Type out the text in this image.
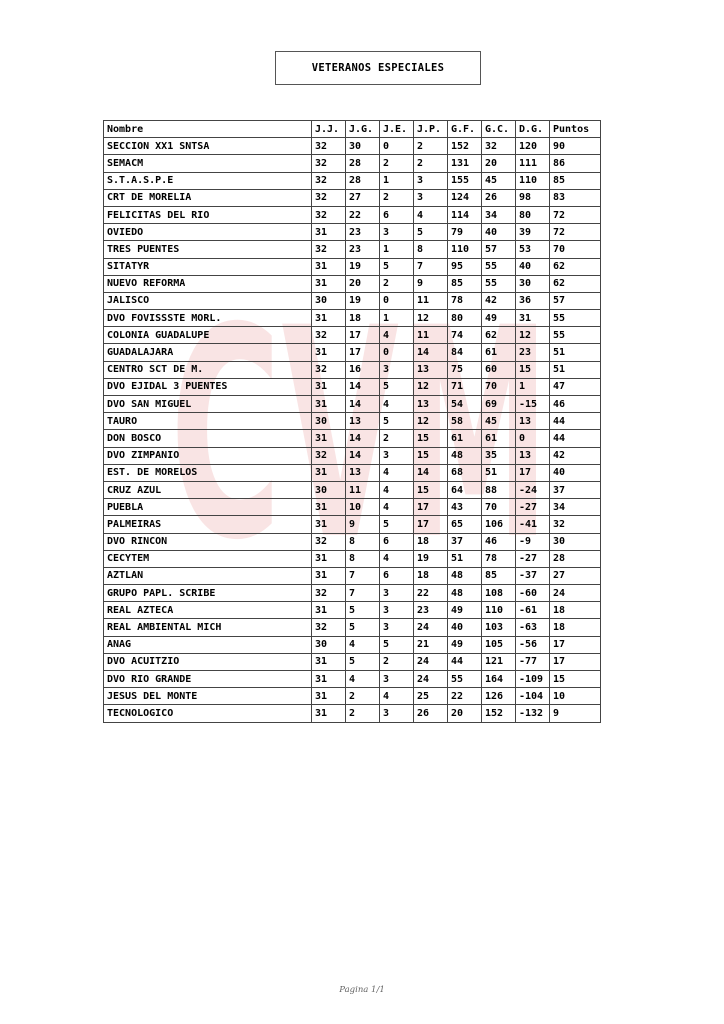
VETERANOS ESPECIALES
CVM
Nombre	J.J.	J.G.	J.E.	J.P.	G.F.	G.C.	D.G.	Puntos
SECCION XX1 SNTSA	32	30	0	2	152	32	120	90
SEMACM	32	28	2	2	131	20	111	86
S.T.A.S.P.E	32	28	1	3	155	45	110	85
CRT DE MORELIA	32	27	2	3	124	26	98	83
FELICITAS DEL RIO	32	22	6	4	114	34	80	72
OVIEDO	31	23	3	5	79	40	39	72
TRES PUENTES	32	23	1	8	110	57	53	70
SITATYR	31	19	5	7	95	55	40	62
NUEVO REFORMA	31	20	2	9	85	55	30	62
JALISCO	30	19	0	11	78	42	36	57
DVO FOVISSSTE MORL.	31	18	1	12	80	49	31	55
COLONIA GUADALUPE	32	17	4	11	74	62	12	55
GUADALAJARA	31	17	0	14	84	61	23	51
CENTRO SCT DE M.	32	16	3	13	75	60	15	51
DVO EJIDAL 3 PUENTES	31	14	5	12	71	70	1	47
DVO SAN MIGUEL	31	14	4	13	54	69	-15	46
TAURO	30	13	5	12	58	45	13	44
DON BOSCO	31	14	2	15	61	61	0	44
DVO ZIMPANIO	32	14	3	15	48	35	13	42
EST. DE MORELOS	31	13	4	14	68	51	17	40
CRUZ AZUL	30	11	4	15	64	88	-24	37
PUEBLA	31	10	4	17	43	70	-27	34
PALMEIRAS	31	9	5	17	65	106	-41	32
DVO RINCON	32	8	6	18	37	46	-9	30
CECYTEM	31	8	4	19	51	78	-27	28
AZTLAN	31	7	6	18	48	85	-37	27
GRUPO PAPL. SCRIBE	32	7	3	22	48	108	-60	24
REAL AZTECA	31	5	3	23	49	110	-61	18
REAL AMBIENTAL MICH	32	5	3	24	40	103	-63	18
ANAG	30	4	5	21	49	105	-56	17
DVO ACUITZIO	31	5	2	24	44	121	-77	17
DVO RIO GRANDE	31	4	3	24	55	164	-109	15
JESUS DEL MONTE	31	2	4	25	22	126	-104	10
TECNOLOGICO	31	2	3	26	20	152	-132	9
Pagina 1/1
